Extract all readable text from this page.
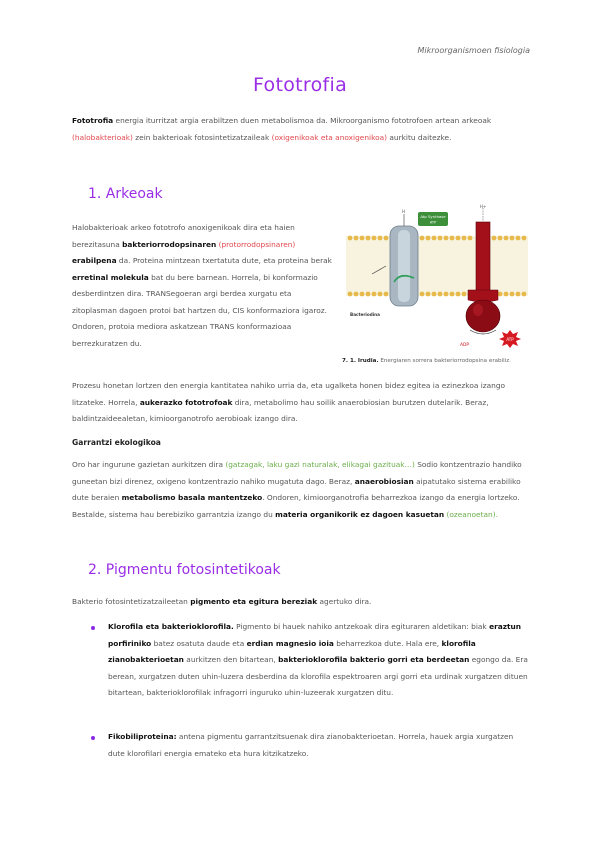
Mikroorganismoen fisiologia
Fototrofia
Fototrofia energia iturritzat argia erabiltzen duen metabolismoa da. Mikroorganismo fototrofoen artean arkeoak (halobakterioak) zein bakterioak fotosintetizatzaileak (oxigenikoak eta anoxigenikoa) aurkitu daitezke.
1. Arkeoak
Halobakterioak arkeo fototrofo anoxigenikoak dira eta haien berezitasuna bakteriorrodopsinaren (protorrodopsinaren) erabilpena da. Proteina mintzean txertatuta dute, eta proteina berak erretinal molekula bat du bere barnean. Horrela, bi konformazio desberdintzen dira. TRANSegoeran argi berdea xurgatu eta zitoplasman dagoen protoi bat hartzen du, CIS konformaziora igaroz. Ondoren, protoia mediora askatzean TRANS konformazioaa berrezkuratzen du.
H
Atp Synthase
ATP
H+
ADP
ATP
Bacteriodina
7. 1. Irudia. Energiaren sorrera bakteriorrodopsina erabiliz.
Prozesu honetan lortzen den energia kantitatea nahiko urria da, eta ugalketa honen bidez egitea ia ezinezkoa izango litzateke. Horrela, aukerazko fototrofoak dira, metabolimo hau soilik anaerobiosian burutzen dutelarik. Beraz, baldintzaideealetan, kimioorganotrofo aerobioak izango dira.
Garrantzi ekologikoa
Oro har ingurune gazietan aurkitzen dira (gatzagak, laku gazi naturalak, elikagai gazituak…) Sodio kontzentrazio handiko guneetan bizi direnez, oxigeno kontzentrazio nahiko mugatuta dago. Beraz, anaerobiosian aipatutako sistema erabiliko dute beraien metabolismo basala mantentzeko. Ondoren, kimioorganotrofia beharrezkoa izango da energia lortzeko. Bestalde, sistema hau berebiziko garrantzia izango du materia organikorik ez dagoen kasuetan (ozeanoetan).
2. Pigmentu fotosintetikoak
Bakterio fotosintetizatzaileetan pigmento eta egitura bereziak agertuko dira.
Klorofila eta bakterioklorofila. Pigmento bi hauek nahiko antzekoak dira egituraren aldetikan: biak eraztun porfiriniko batez osatuta daude eta erdian magnesio ioia beharrezkoa dute. Hala ere, klorofila zianobakterioetan aurkitzen den bitartean, bakterioklorofila bakterio gorri eta berdeetan egongo da. Era berean, xurgatzen duten uhin-luzera desberdina da klorofila espektroaren argi gorri eta urdinak xurgatzen dituen bitartean, bakterioklorofilak infragorri inguruko uhin-luzeerak xurgatzen ditu.
Fikobiliproteina: antena pigmentu garrantzitsuenak dira zianobakterioetan. Horrela, hauek argia xurgatzen dute klorofilari energia emateko eta hura kitzikatzeko.
